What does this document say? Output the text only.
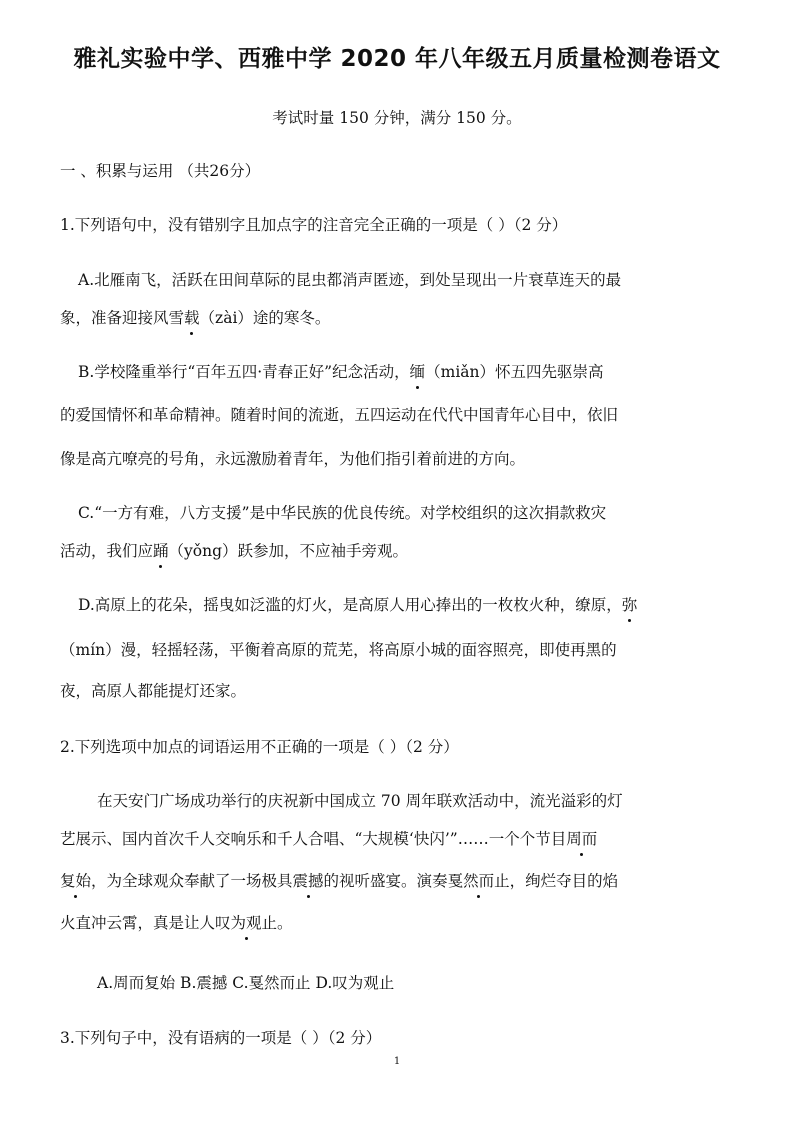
雅礼实验中学、西雅中学 2020 年八年级五月质量检测卷语文
考试时量 150 分钟，满分 150 分。
一 、积累与运用 （共26分）
1.下列语句中，没有错别字且加点字的注音完全正确的一项是（ ）（2 分）
A.北雁南飞，活跃在田间草际的昆虫都消声匿迹，到处呈现出一片衰草连天的最
象，准备迎接风雪载（zài）途的寒冬。
B.学校隆重举行“百年五四·青春正好”纪念活动，缅（miǎn）怀五四先驱崇高
的爱国情怀和革命精神。随着时间的流逝，五四运动在代代中国青年心目中，依旧
像是高亢嘹亮的号角，永远激励着青年，为他们指引着前进的方向。
C.“一方有难，八方支援”是中华民族的优良传统。对学校组织的这次捐款救灾
活动，我们应踊（yǒng）跃参加，不应袖手旁观。
D.高原上的花朵，摇曳如泛滥的灯火，是高原人用心捧出的一枚枚火种，缭原，弥
（mín）漫，轻摇轻荡，平衡着高原的荒芜，将高原小城的面容照亮，即使再黑的
夜，高原人都能提灯还家。
2.下列选项中加点的词语运用不正确的一项是（ ）（2 分）
在天安门广场成功举行的庆祝新中国成立 70 周年联欢活动中，流光溢彩的灯
艺展示、国内首次千人交响乐和千人合唱、“大规模‘快闪’”……一个个节目周而
复始，为全球观众奉献了一场极具震撼的视听盛宴。演奏戛然而止，绚烂夺目的焰
火直冲云霄，真是让人叹为观止。
A.周而复始 B.震撼 C.戛然而止 D.叹为观止
3.下列句子中，没有语病的一项是（ ）（2 分）
1
